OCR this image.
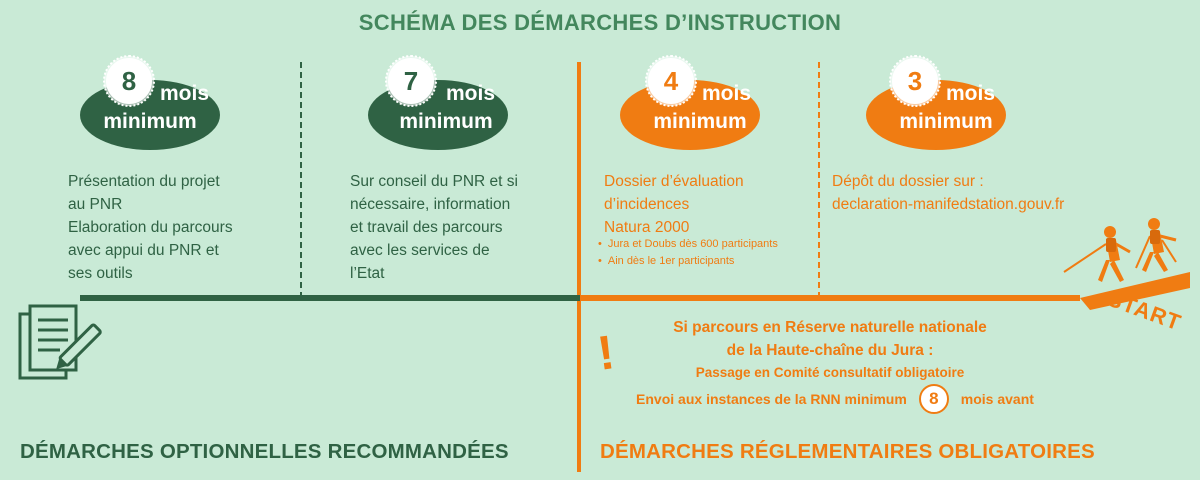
SCHÉMA DES DÉMARCHES D’INSTRUCTION
8	mois
minimum
Présentation du projet
au PNR
Elaboration du parcours
avec appui du PNR et
ses outils
7	mois
minimum
Sur conseil du PNR et si
nécessaire, information
et travail des parcours
avec les services de
l’Etat
4	mois
minimum
Dossier d’évaluation
d’incidences
Natura 2000
• Jura et Doubs dès 600 participants
• Ain dès le 1er participants
3	mois
minimum
Dépôt du dossier sur :
declaration-manifedstation.gouv.fr
START
!	Si parcours en Réserve naturelle nationale
de la Haute-chaîne du Jura :
Passage en Comité consultatif obligatoire
Envoi aux instances de la RNN minimum	8	mois avant
DÉMARCHES OPTIONNELLES RECOMMANDÉES	DÉMARCHES RÉGLEMENTAIRES OBLIGATOIRES
